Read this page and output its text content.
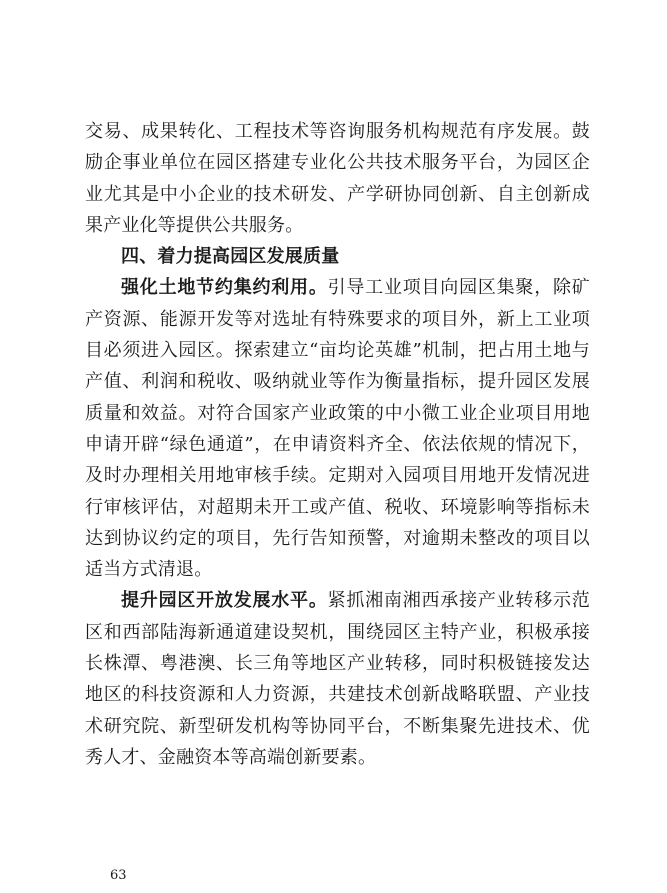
交易、成果转化、工程技术等咨询服务机构规范有序发展。鼓励企事业单位在园区搭建专业化公共技术服务平台，为园区企业尤其是中小企业的技术研发、产学研协同创新、自主创新成果产业化等提供公共服务。

四、着力提高园区发展质量

强化土地节约集约利用。引导工业项目向园区集聚，除矿产资源、能源开发等对选址有特殊要求的项目外，新上工业项目必须进入园区。探索建立“亩均论英雄”机制，把占用土地与产值、利润和税收、吸纳就业等作为衡量指标，提升园区发展质量和效益。对符合国家产业政策的中小微工业企业项目用地申请开辟“绿色通道”，在申请资料齐全、依法依规的情况下，及时办理相关用地审核手续。定期对入园项目用地开发情况进行审核评估，对超期未开工或产值、税收、环境影响等指标未达到协议约定的项目，先行告知预警，对逾期未整改的项目以适当方式清退。

提升园区开放发展水平。紧抓湘南湘西承接产业转移示范区和西部陆海新通道建设契机，围绕园区主特产业，积极承接长株潭、粤港澳、长三角等地区产业转移，同时积极链接发达地区的科技资源和人力资源，共建技术创新战略联盟、产业技术研究院、新型研发机构等协同平台，不断集聚先进技术、优秀人才、金融资本等高端创新要素。

63
